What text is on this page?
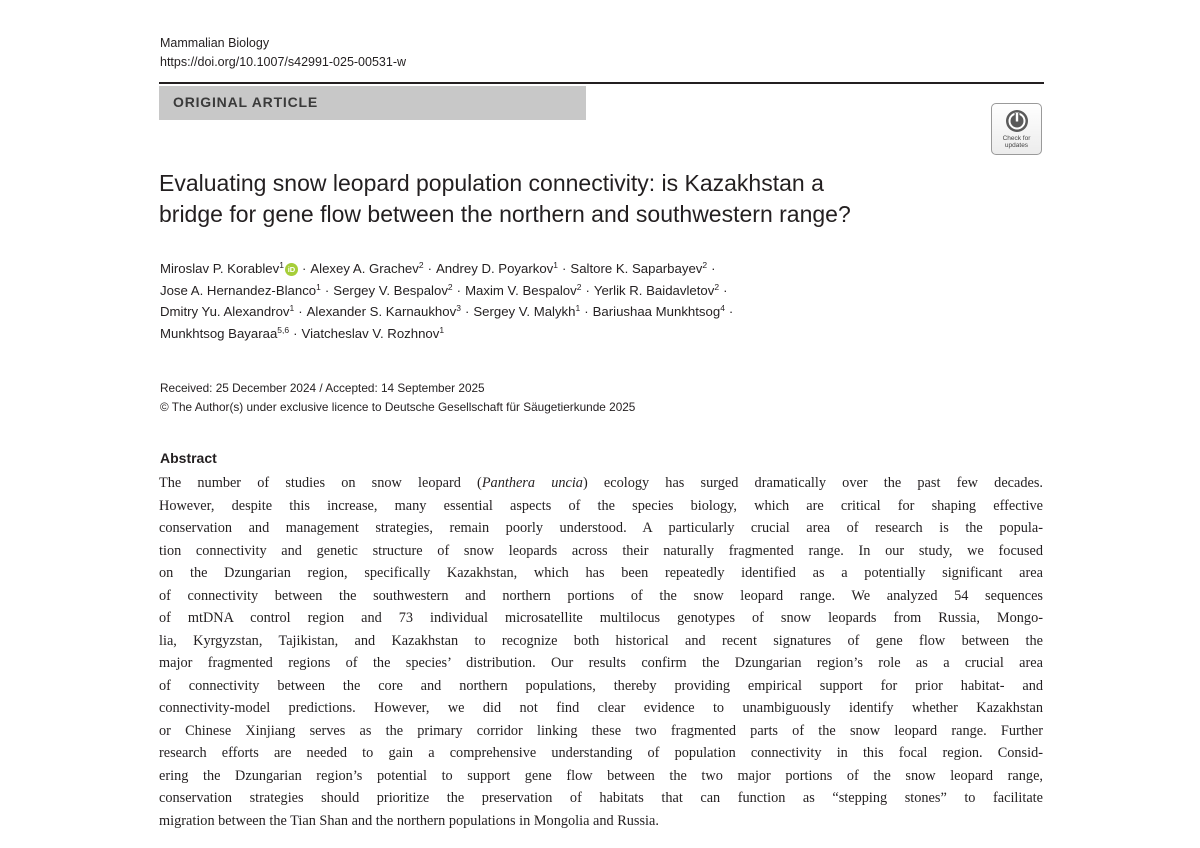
Mammalian Biology
https://doi.org/10.1007/s42991-025-00531-w
ORIGINAL ARTICLE
Check for
updates
Evaluating snow leopard population connectivity: is Kazakhstan a
bridge for gene flow between the northern and southwestern range?
Miroslav P. Korablev$^1$ iD · Alexey A. Grachev$^2$ · Andrey D. Poyarkov$^1$ · Saltore K. Saparbayev$^2$ ·
Jose A. Hernandez-Blanco$^1$ · Sergey V. Bespalov$^2$ · Maxim V. Bespalov$^2$ · Yerlik R. Baidavletov$^2$ ·
Dmitry Yu. Alexandrov$^1$ · Alexander S. Karnaukhov$^3$ · Sergey V. Malykh$^1$ · Bariushaa Munkhtsog$^4$ ·
Munkhtsog Bayaraa$^{5,6}$ · Viatcheslav V. Rozhnov$^1$
Received: 25 December 2024 / Accepted: 14 September 2025
© The Author(s) under exclusive licence to Deutsche Gesellschaft für Säugetierkunde 2025
Abstract
The number of studies on snow leopard (Panthera uncia) ecology has surged dramatically over the past few decades.
However, despite this increase, many essential aspects of the species biology, which are critical for shaping effective
conservation and management strategies, remain poorly understood. A particularly crucial area of research is the popula-
tion connectivity and genetic structure of snow leopards across their naturally fragmented range. In our study, we focused
on the Dzungarian region, specifically Kazakhstan, which has been repeatedly identified as a potentially significant area
of connectivity between the southwestern and northern portions of the snow leopard range. We analyzed 54 sequences
of mtDNA control region and 73 individual microsatellite multilocus genotypes of snow leopards from Russia, Mongo-
lia, Kyrgyzstan, Tajikistan, and Kazakhstan to recognize both historical and recent signatures of gene flow between the
major fragmented regions of the species’ distribution. Our results confirm the Dzungarian region’s role as a crucial area
of connectivity between the core and northern populations, thereby providing empirical support for prior habitat- and
connectivity-model predictions. However, we did not find clear evidence to unambiguously identify whether Kazakhstan
or Chinese Xinjiang serves as the primary corridor linking these two fragmented parts of the snow leopard range. Further
research efforts are needed to gain a comprehensive understanding of population connectivity in this focal region. Consid-
ering the Dzungarian region’s potential to support gene flow between the two major portions of the snow leopard range,
conservation strategies should prioritize the preservation of habitats that can function as “stepping stones” to facilitate
migration between the Tian Shan and the northern populations in Mongolia and Russia.
